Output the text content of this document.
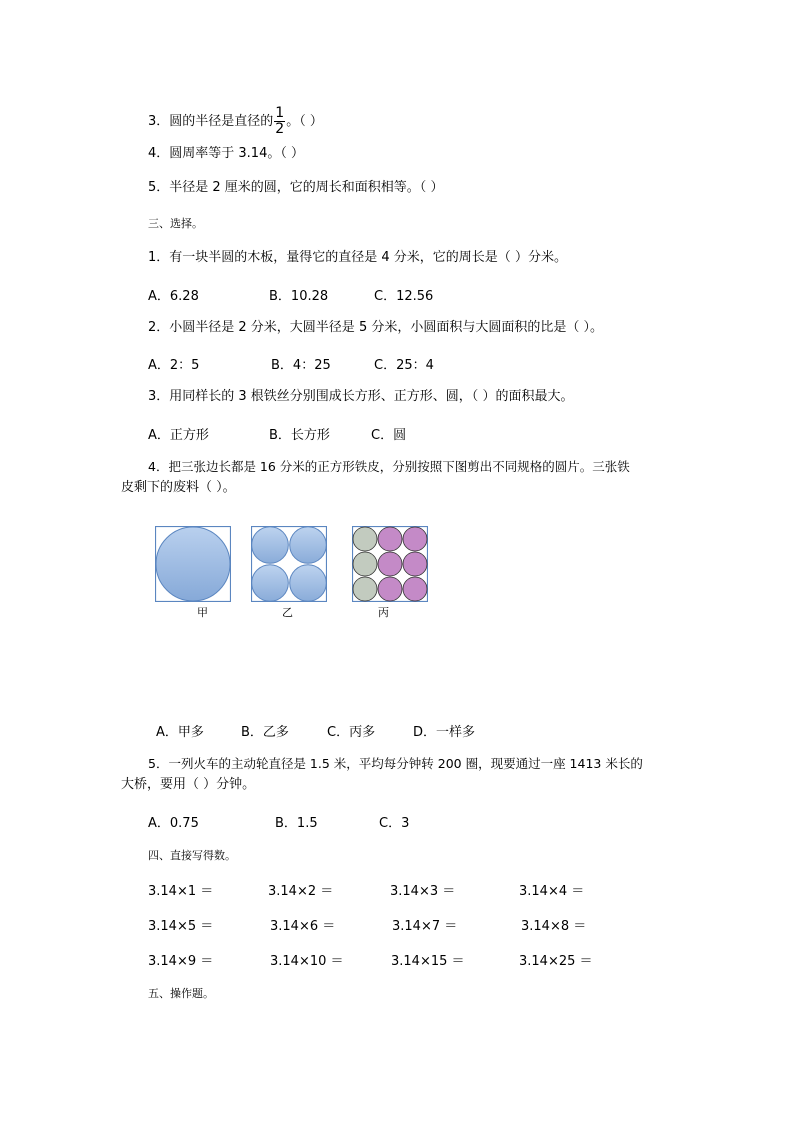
3．圆的半径是直径的 $\frac{1}{2}$ 。（ ）
4．圆周率等于 3.14。（ ）
5．半径是 2 厘米的圆，它的周长和面积相等。（ ）
三、选择。
1．有一块半圆的木板，量得它的直径是 4 分米，它的周长是（ ）分米。
A．6.28	B．10.28	C．12.56
2．小圆半径是 2 分米，大圆半径是 5 分米，小圆面积与大圆面积的比是（ ）。
A．2：5	B．4：25	C．25：4
3．用同样长的 3 根铁丝分别围成长方形、正方形、圆，（ ）的面积最大。
A．正方形	B．长方形	C．圆
4．把三张边长都是 16 分米的正方形铁皮，分别按照下图剪出不同规格的圆片。三张铁
皮剩下的废料（ ）。
甲	乙	丙
A．甲多	B．乙多	C．丙多	D．一样多
5．一列火车的主动轮直径是 1.5 米，平均每分钟转 200 圈，现要通过一座 1413 米长的
大桥，要用（ ）分钟。
A．0.75	B．1.5	C．3
四、直接写得数。
3.14×1 ＝	3.14×2 ＝	3.14×3 ＝	3.14×4 ＝
3.14×5 ＝	3.14×6 ＝	3.14×7 ＝	3.14×8 ＝
3.14×9 ＝	3.14×10 ＝	3.14×15 ＝	3.14×25 ＝
五、操作题。
